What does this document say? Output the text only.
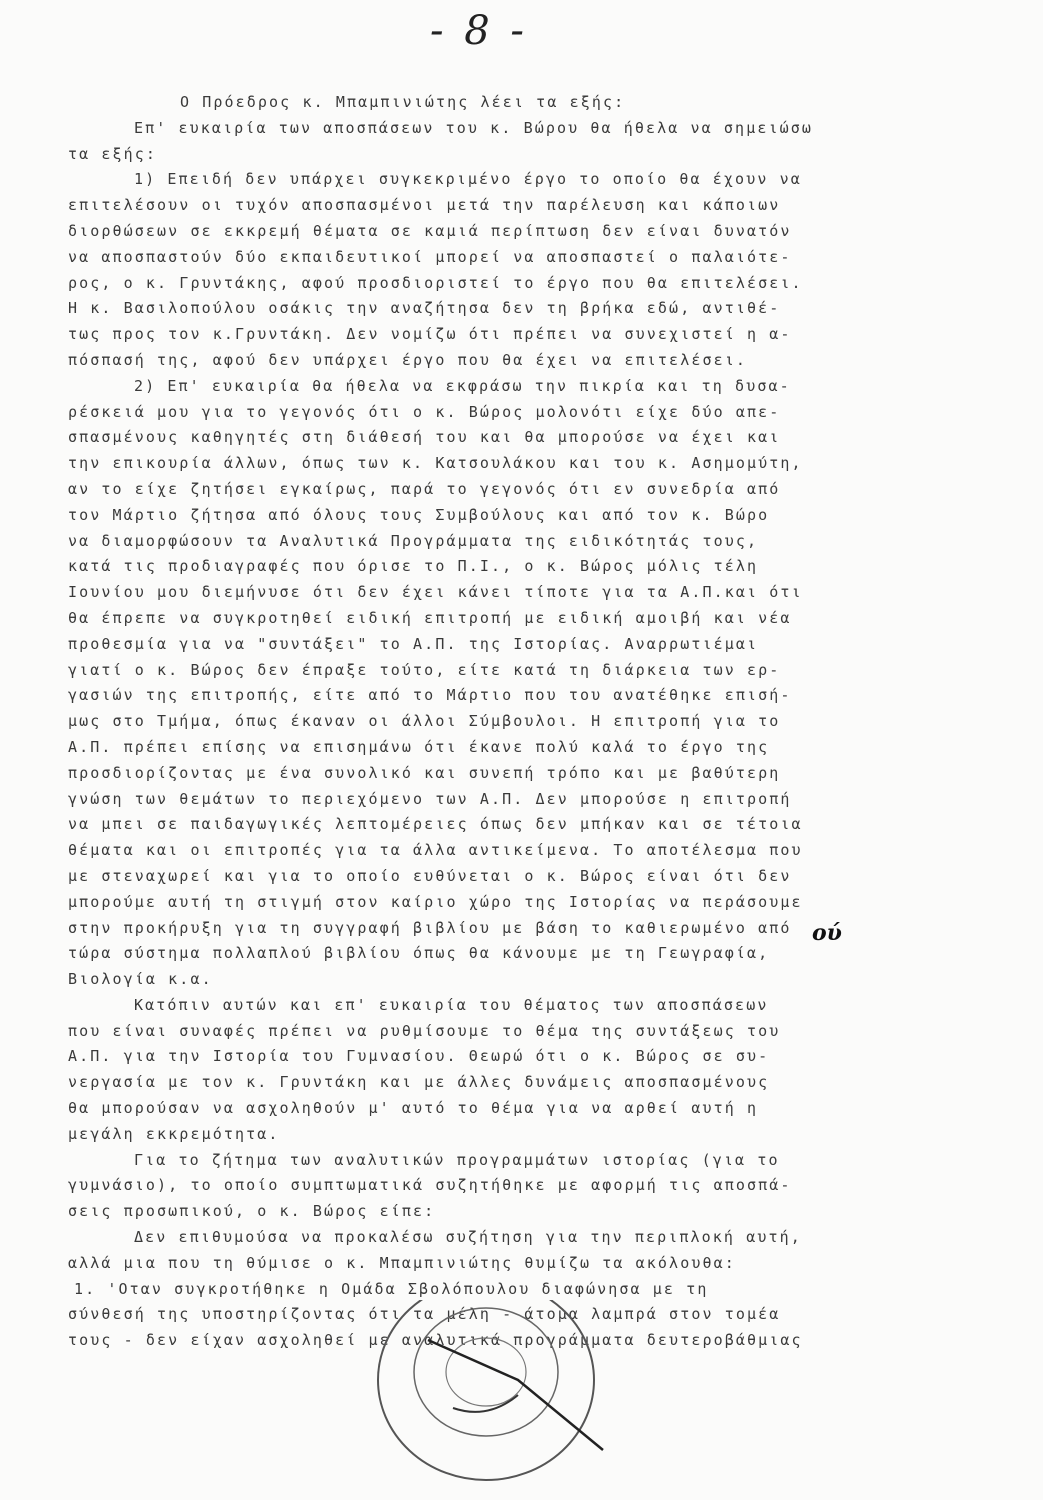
- 8 -
Ο Πρόεδρος κ. Μπαμπινιώτης λέει τα εξής:
Επ' ευκαιρία των αποσπάσεων του κ. Βώρου θα ήθελα να σημειώσω
τα εξής:
1) Επειδή δεν υπάρχει συγκεκριμένο έργο το οποίο θα έχουν να
επιτελέσουν οι τυχόν αποσπασμένοι μετά την παρέλευση και κάποιων
διορθώσεων σε εκκρεμή θέματα σε καμιά περίπτωση δεν είναι δυνατόν
να αποσπαστούν δύο εκπαιδευτικοί μπορεί να αποσπαστεί ο παλαιότε-
ρος, ο κ. Γρυντάκης, αφού προσδιοριστεί το έργο που θα επιτελέσει.
Η κ. Βασιλοπούλου οσάκις την αναζήτησα δεν τη βρήκα εδώ, αντιθέ-
τως προς τον κ.Γρυντάκη. Δεν νομίζω ότι πρέπει να συνεχιστεί η α-
πόσπασή της, αφού δεν υπάρχει έργο που θα έχει να επιτελέσει.
2) Επ' ευκαιρία θα ήθελα να εκφράσω την πικρία και τη δυσα-
ρέσκειά μου για το γεγονός ότι ο κ. Βώρος μολονότι είχε δύο απε-
σπασμένους καθηγητές στη διάθεσή του και θα μπορούσε να έχει και
την επικουρία άλλων, όπως των κ. Κατσουλάκου και του κ. Ασημομύτη,
αν το είχε ζητήσει εγκαίρως, παρά το γεγονός ότι εν συνεδρία από
τον Μάρτιο ζήτησα από όλους τους Συμβούλους και από τον κ. Βώρο
να διαμορφώσουν τα Αναλυτικά Προγράμματα της ειδικότητάς τους,
κατά τις προδιαγραφές που όρισε το Π.Ι., ο κ. Βώρος μόλις τέλη
Ιουνίου μου διεμήνυσε ότι δεν έχει κάνει τίποτε για τα Α.Π.και ότι
θα έπρεπε να συγκροτηθεί ειδική επιτροπή με ειδική αμοιβή και νέα
προθεσμία για να "συντάξει" το Α.Π. της Ιστορίας. Αναρρωτιέμαι
γιατί ο κ. Βώρος δεν έπραξε τούτο, είτε κατά τη διάρκεια των ερ-
γασιών της επιτροπής, είτε από το Μάρτιο που του ανατέθηκε επισή-
μως στο Τμήμα, όπως έκαναν οι άλλοι Σύμβουλοι. Η επιτροπή για το
Α.Π. πρέπει επίσης να επισημάνω ότι έκανε πολύ καλά το έργο της
προσδιορίζοντας με ένα συνολικό και συνεπή τρόπο και με βαθύτερη
γνώση των θεμάτων το περιεχόμενο των Α.Π. Δεν μπορούσε η επιτροπή
να μπει σε παιδαγωγικές λεπτομέρειες όπως δεν μπήκαν και σε τέτοια
θέματα και οι επιτροπές για τα άλλα αντικείμενα. Το αποτέλεσμα που
με στεναχωρεί και για το οποίο ευθύνεται ο κ. Βώρος είναι ότι δεν
μπορούμε αυτή τη στιγμή στον καίριο χώρο της Ιστορίας να περάσουμε
στην προκήρυξη για τη συγγραφή βιβλίου με βάση το καθιερωμένο από
τώρα σύστημα πολλαπλού βιβλίου όπως θα κάνουμε με τη Γεωγραφία,
Βιολογία κ.α.
Κατόπιν αυτών και επ' ευκαιρία του θέματος των αποσπάσεων
που είναι συναφές πρέπει να ρυθμίσουμε το θέμα της συντάξεως του
Α.Π. για την Ιστορία του Γυμνασίου. Θεωρώ ότι ο κ. Βώρος σε συ-
νεργασία με τον κ. Γρυντάκη και με άλλες δυνάμεις αποσπασμένους
θα μπορούσαν να ασχοληθούν μ' αυτό το θέμα για να αρθεί αυτή η
μεγάλη εκκρεμότητα.
Για το ζήτημα των αναλυτικών προγραμμάτων ιστορίας (για το
γυμνάσιο), το οποίο συμπτωματικά συζητήθηκε με αφορμή τις αποσπά-
σεις προσωπικού, ο κ. Βώρος είπε:
Δεν επιθυμούσα να προκαλέσω συζήτηση για την περιπλοκή αυτή,
αλλά μια που τη θύμισε ο κ. Μπαμπινιώτης θυμίζω τα ακόλουθα:
1. 'Οταν συγκροτήθηκε η Ομάδα Σβολόπουλου διαφώνησα με τη
σύνθεσή της υποστηρίζοντας ότι τα μέλη - άτομα λαμπρά στον τομέα
τους - δεν είχαν ασχοληθεί με αναλυτικά προγράμματα δευτεροβάθμιας
ού
